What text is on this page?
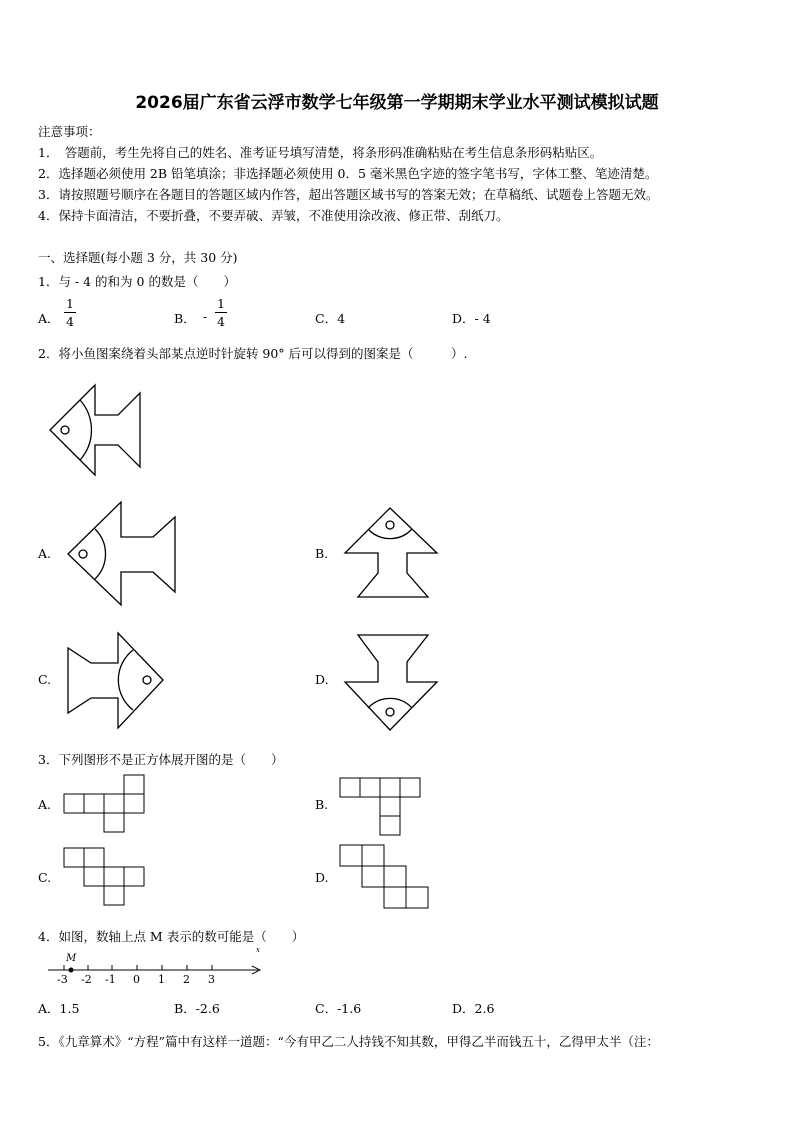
2026届广东省云浮市数学七年级第一学期期末学业水平测试模拟试题
注意事项：
1．　答题前，考生先将自己的姓名、准考证号填写清楚，将条形码准确粘贴在考生信息条形码粘贴区。
2．选择题必须使用 2B 铅笔填涂；非选择题必须使用 0．5 毫米黑色字迹的签字笔书写，字体工整、笔迹清楚。
3．请按照题号顺序在各题目的答题区域内作答，超出答题区域书写的答案无效；在草稿纸、试题卷上答题无效。
4．保持卡面清洁，不要折叠，不要弄破、弄皱，不准使用涂改液、修正带、刮纸刀。
一、选择题(每小题 3 分，共 30 分)
1．与 - 4 的和为 0 的数是（　　）
A．
1
4	B． -
1
4	C．4	D．- 4
2．将小鱼图案绕着头部某点逆时针旋转 90° 后可以得到的图案是（　　　）.
A.	B.
C.	D.
3．下列图形不是正方体展开图的是（　　）
A.	B.
C.	D.
4．如图，数轴上点 M 表示的数可能是（　　）
M
x
-3 -2 -1 0 1 2 3
A．1.5	B．-2.6	C．-1.6	D．2.6
5．《九章算术》“方程”篇中有这样一道题：“今有甲乙二人持钱不知其数，甲得乙半而钱五十，乙得甲太半（注：
